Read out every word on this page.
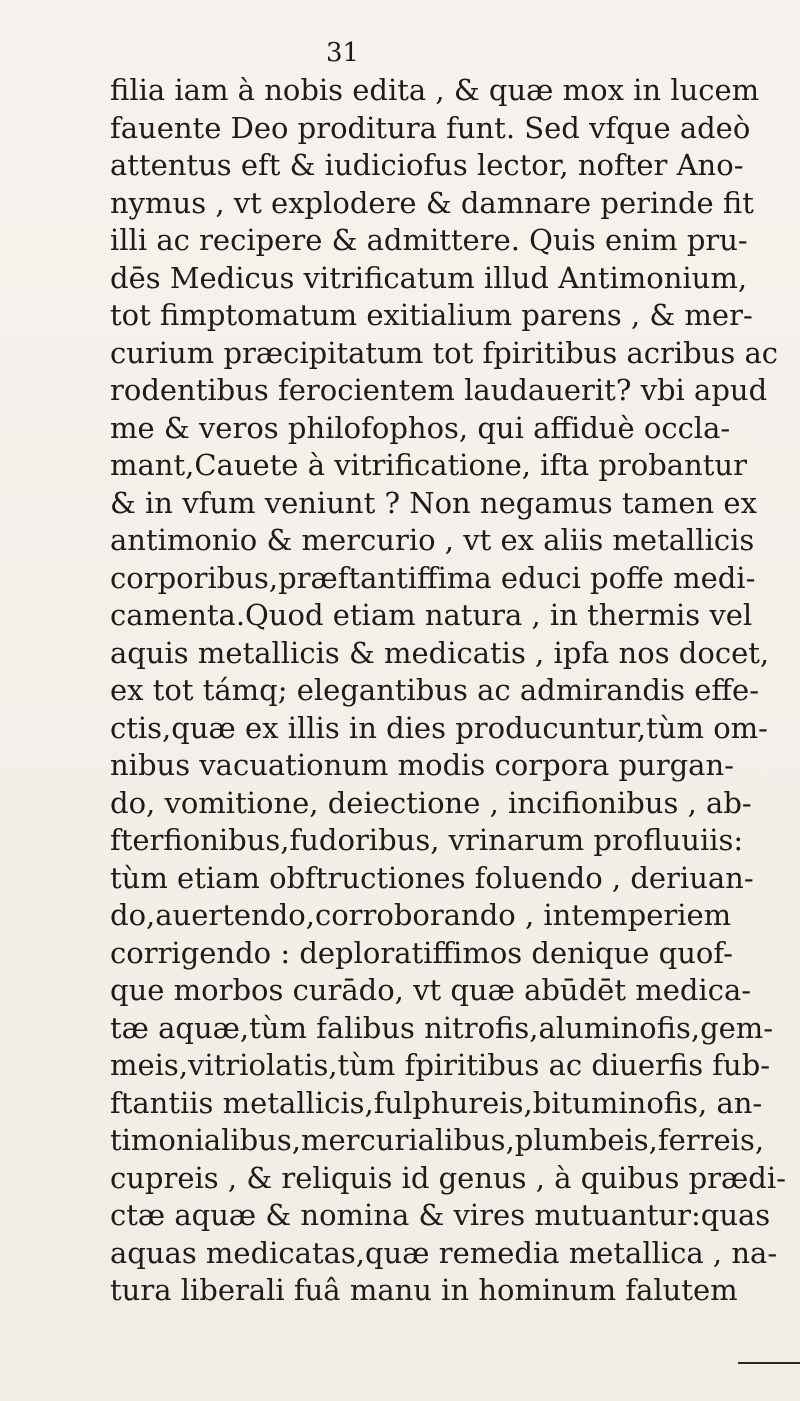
31
filia iam à nobis edita , & quæ mox in lucem
fauente Deo proditura funt. Sed vfque adeò
attentus eft & iudiciofus lector, nofter Ano-
nymus , vt explodere & damnare perinde fit
illi ac recipere & admittere. Quis enim pru-
dēs Medicus vitrificatum illud Antimonium,
tot fimptomatum exitialium parens , & mer-
curium præcipitatum tot fpiritibus acribus ac
rodentibus ferocientem laudauerit? vbi apud
me & veros philofophos, qui affiduè occla-
mant,Cauete à vitrificatione, ifta probantur
& in vfum veniunt ? Non negamus tamen ex
antimonio & mercurio , vt ex aliis metallicis
corporibus,præftantiffima educi poffe medi-
camenta.Quod etiam natura , in thermis vel
aquis metallicis & medicatis , ipfa nos docet,
ex tot támq; elegantibus ac admirandis effe-
ctis,quæ ex illis in dies producuntur,tùm om-
nibus vacuationum modis corpora purgan-
do, vomitione, deiectione , incifionibus , ab-
fterfionibus,fudoribus, vrinarum profluuiis:
tùm etiam obftructiones foluendo , deriuan-
do,auertendo,corroborando , intemperiem
corrigendo : deploratiffimos denique quof-
que morbos curādo, vt quæ abūdēt medica-
tæ aquæ,tùm falibus nitrofis,aluminofis,gem-
meis,vitriolatis,tùm fpiritibus ac diuerfis fub-
ftantiis metallicis,fulphureis,bituminofis, an-
timonialibus,mercurialibus,plumbeis,ferreis,
cupreis , & reliquis id genus , à quibus prædi-
ctæ aquæ & nomina & vires mutuantur:quas
aquas medicatas,quæ remedia metallica , na-
tura liberali fuâ manu in hominum falutem
